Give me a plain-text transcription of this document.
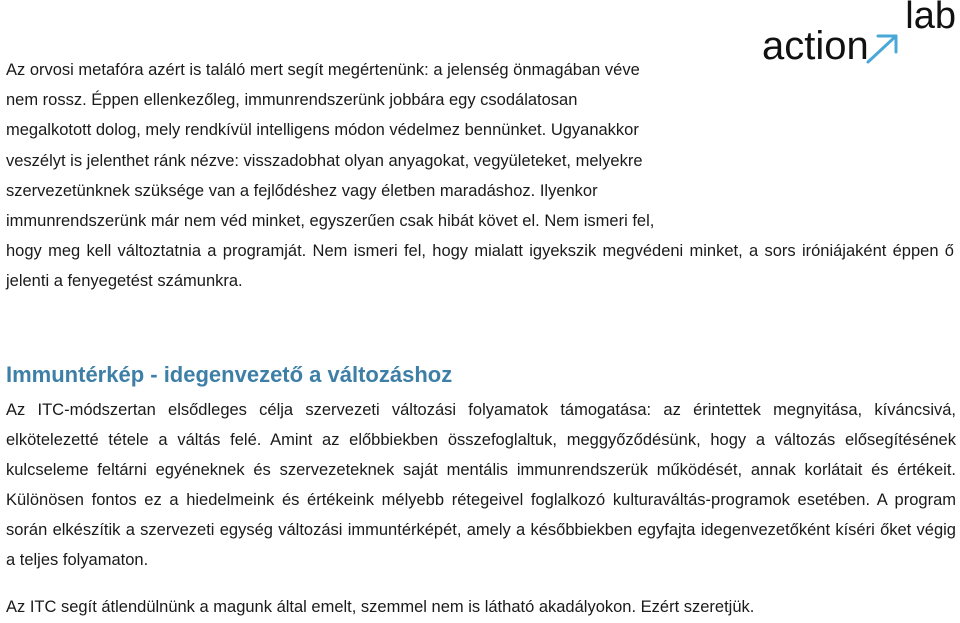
lab
action

Az orvosi metafóra azért is találó mert segít megértenünk: a jelenség önmagában véve
nem rossz. Éppen ellenkezőleg, immunrendszerünk jobbára egy csodálatosan
megalkotott dolog, mely rendkívül intelligens módon védelmez bennünket. Ugyanakkor
veszélyt is jelenthet ránk nézve: visszadobhat olyan anyagokat, vegyületeket, melyekre
szervezetünknek szüksége van a fejlődéshez vagy életben maradáshoz. Ilyenkor
immunrendszerünk már nem véd minket, egyszerűen csak hibát követ el. Nem ismeri fel,

hogy meg kell változtatnia a programját. Nem ismeri fel, hogy mialatt igyekszik megvédeni minket, a sors iróniájaként éppen ő jelenti a fenyegetést számunkra.

Immuntérkép - idegenvezető a változáshoz

Az ITC-módszertan elsődleges célja szervezeti változási folyamatok támogatása: az érintettek megnyitása, kíváncsivá, elkötelezetté tétele a váltás felé. Amint az előbbiekben összefoglaltuk, meggyőződésünk, hogy a változás elősegítésének kulcseleme feltárni egyéneknek és szervezeteknek saját mentális immunrendszerük működését, annak korlátait és értékeit. Különösen fontos ez a hiedelmeink és értékeink mélyebb rétegeivel foglalkozó kulturaváltás-programok esetében. A program során elkészítik a szervezeti egység változási immuntérképét, amely a későbbiekben egyfajta idegenvezetőként kíséri őket végig a teljes folyamaton.

Az ITC segít átlendülnünk a magunk által emelt, szemmel nem is látható akadályokon. Ezért szeretjük.
